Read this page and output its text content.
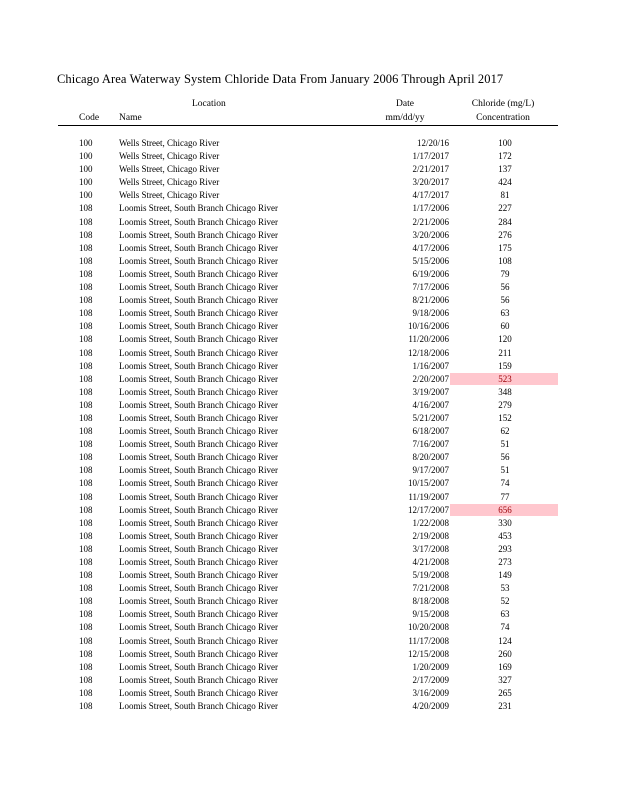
Chicago Area Waterway System Chloride Data From January 2006 Through April 2017
Location
Code Name
Date
mm/dd/yy
Chloride (mg/L)
Concentration
100	Wells Street, Chicago River	12/20/16	100
100	Wells Street, Chicago River	1/17/2017	172
100	Wells Street, Chicago River	2/21/2017	137
100	Wells Street, Chicago River	3/20/2017	424
100	Wells Street, Chicago River	4/17/2017	81
108	Loomis Street, South Branch Chicago River	1/17/2006	227
108	Loomis Street, South Branch Chicago River	2/21/2006	284
108	Loomis Street, South Branch Chicago River	3/20/2006	276
108	Loomis Street, South Branch Chicago River	4/17/2006	175
108	Loomis Street, South Branch Chicago River	5/15/2006	108
108	Loomis Street, South Branch Chicago River	6/19/2006	79
108	Loomis Street, South Branch Chicago River	7/17/2006	56
108	Loomis Street, South Branch Chicago River	8/21/2006	56
108	Loomis Street, South Branch Chicago River	9/18/2006	63
108	Loomis Street, South Branch Chicago River	10/16/2006	60
108	Loomis Street, South Branch Chicago River	11/20/2006	120
108	Loomis Street, South Branch Chicago River	12/18/2006	211
108	Loomis Street, South Branch Chicago River	1/16/2007	159
108	Loomis Street, South Branch Chicago River	2/20/2007	523
108	Loomis Street, South Branch Chicago River	3/19/2007	348
108	Loomis Street, South Branch Chicago River	4/16/2007	279
108	Loomis Street, South Branch Chicago River	5/21/2007	152
108	Loomis Street, South Branch Chicago River	6/18/2007	62
108	Loomis Street, South Branch Chicago River	7/16/2007	51
108	Loomis Street, South Branch Chicago River	8/20/2007	56
108	Loomis Street, South Branch Chicago River	9/17/2007	51
108	Loomis Street, South Branch Chicago River	10/15/2007	74
108	Loomis Street, South Branch Chicago River	11/19/2007	77
108	Loomis Street, South Branch Chicago River	12/17/2007	656
108	Loomis Street, South Branch Chicago River	1/22/2008	330
108	Loomis Street, South Branch Chicago River	2/19/2008	453
108	Loomis Street, South Branch Chicago River	3/17/2008	293
108	Loomis Street, South Branch Chicago River	4/21/2008	273
108	Loomis Street, South Branch Chicago River	5/19/2008	149
108	Loomis Street, South Branch Chicago River	7/21/2008	53
108	Loomis Street, South Branch Chicago River	8/18/2008	52
108	Loomis Street, South Branch Chicago River	9/15/2008	63
108	Loomis Street, South Branch Chicago River	10/20/2008	74
108	Loomis Street, South Branch Chicago River	11/17/2008	124
108	Loomis Street, South Branch Chicago River	12/15/2008	260
108	Loomis Street, South Branch Chicago River	1/20/2009	169
108	Loomis Street, South Branch Chicago River	2/17/2009	327
108	Loomis Street, South Branch Chicago River	3/16/2009	265
108	Loomis Street, South Branch Chicago River	4/20/2009	231
